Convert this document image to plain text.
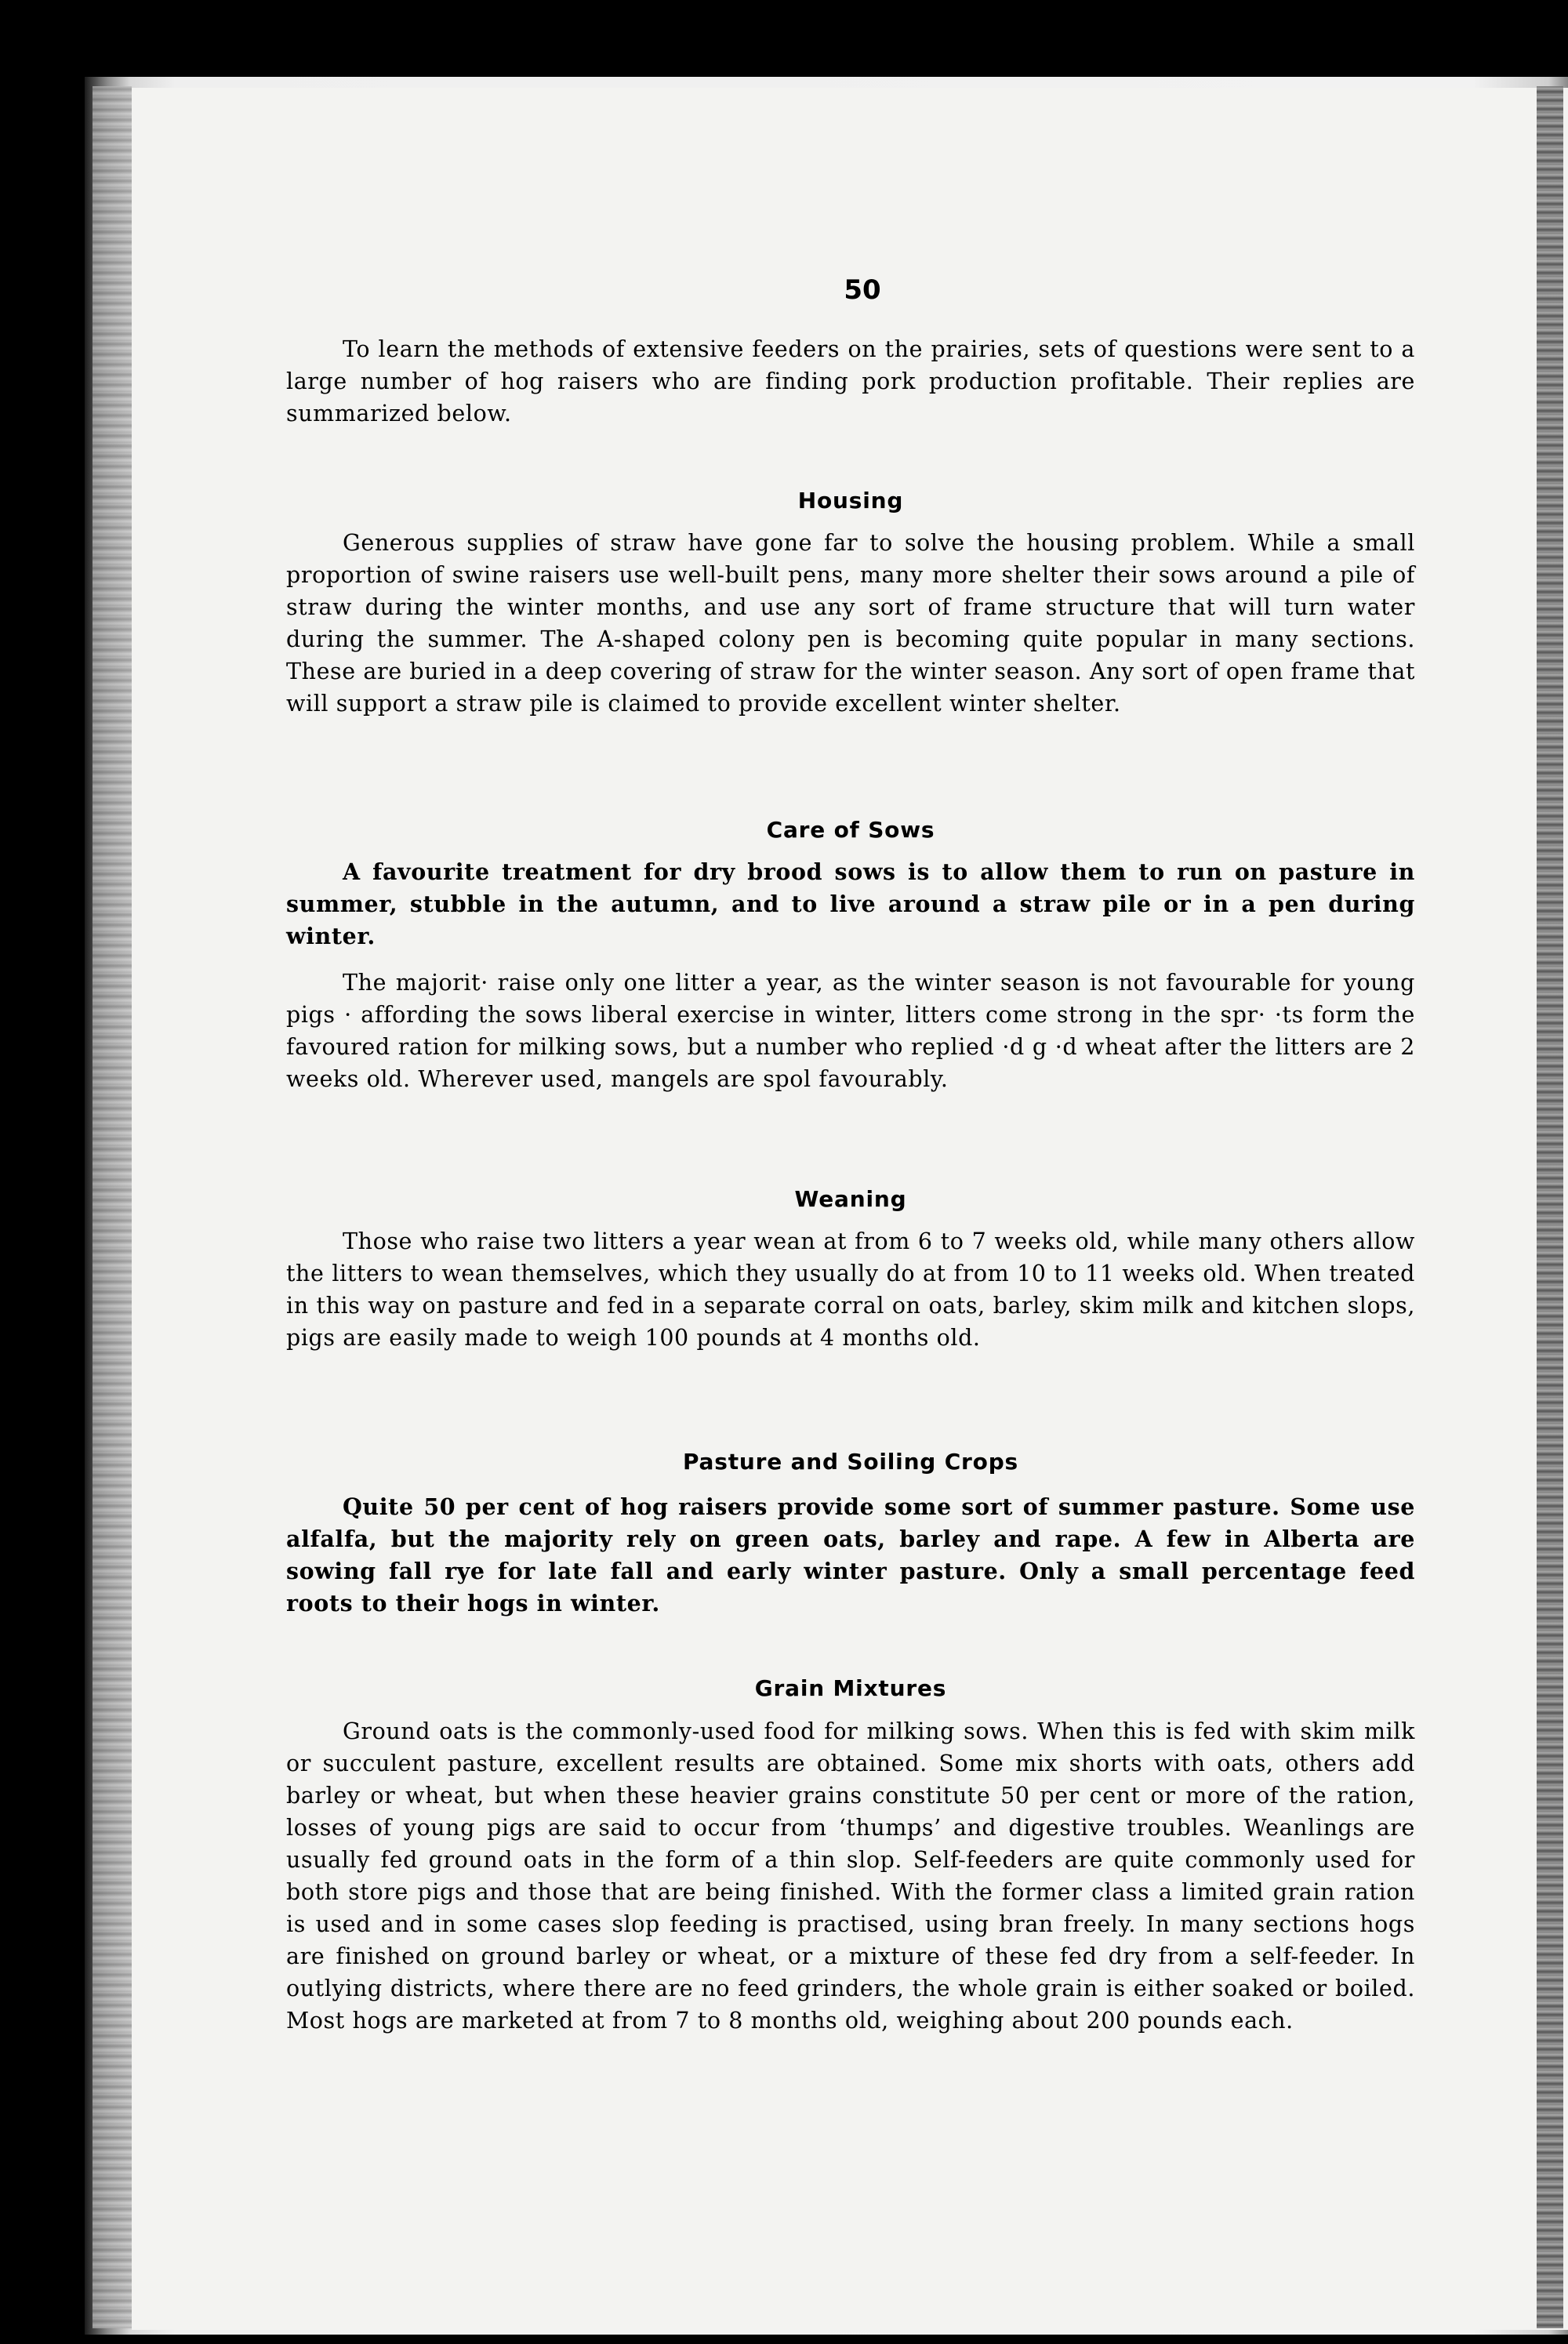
50

To learn the methods of extensive feeders on the prairies, sets of questions were sent to a large number of hog raisers who are finding pork production profitable. Their replies are summarized below.

Housing

Generous supplies of straw have gone far to solve the housing problem. While a small proportion of swine raisers use well-built pens, many more shelter their sows around a pile of straw during the winter months, and use any sort of frame structure that will turn water during the summer. The A-shaped colony pen is becoming quite popular in many sections. These are buried in a deep covering of straw for the winter season. Any sort of open frame that will support a straw pile is claimed to provide excellent winter shelter.

Care of Sows

A favourite treatment for dry brood sows is to allow them to run on pasture in summer, stubble in the autumn, and to live around a straw pile or in a pen during winter.

The majorit· raise only one litter a year, as the winter season is not favourable for young pigs · affording the sows liberal exercise in winter, litters come strong in the spr· ·ts form the favoured ration for milking sows, but a number who replied ·d g ·d wheat after the litters are 2 weeks old. Wherever used, mangels are spol favourably.

Weaning

Those who raise two litters a year wean at from 6 to 7 weeks old, while many others allow the litters to wean themselves, which they usually do at from 10 to 11 weeks old. When treated in this way on pasture and fed in a separate corral on oats, barley, skim milk and kitchen slops, pigs are easily made to weigh 100 pounds at 4 months old.

Pasture and Soiling Crops

Quite 50 per cent of hog raisers provide some sort of summer pasture. Some use alfalfa, but the majority rely on green oats, barley and rape. A few in Alberta are sowing fall rye for late fall and early winter pasture. Only a small percentage feed roots to their hogs in winter.

Grain Mixtures

Ground oats is the commonly-used food for milking sows. When this is fed with skim milk or succulent pasture, excellent results are obtained. Some mix shorts with oats, others add barley or wheat, but when these heavier grains constitute 50 per cent or more of the ration, losses of young pigs are said to occur from ‘thumps’ and digestive troubles. Weanlings are usually fed ground oats in the form of a thin slop. Self-feeders are quite commonly used for both store pigs and those that are being finished. With the former class a limited grain ration is used and in some cases slop feeding is practised, using bran freely. In many sections hogs are finished on ground barley or wheat, or a mixture of these fed dry from a self-feeder. In outlying districts, where there are no feed grinders, the whole grain is either soaked or boiled. Most hogs are marketed at from 7 to 8 months old, weighing about 200 pounds each.
